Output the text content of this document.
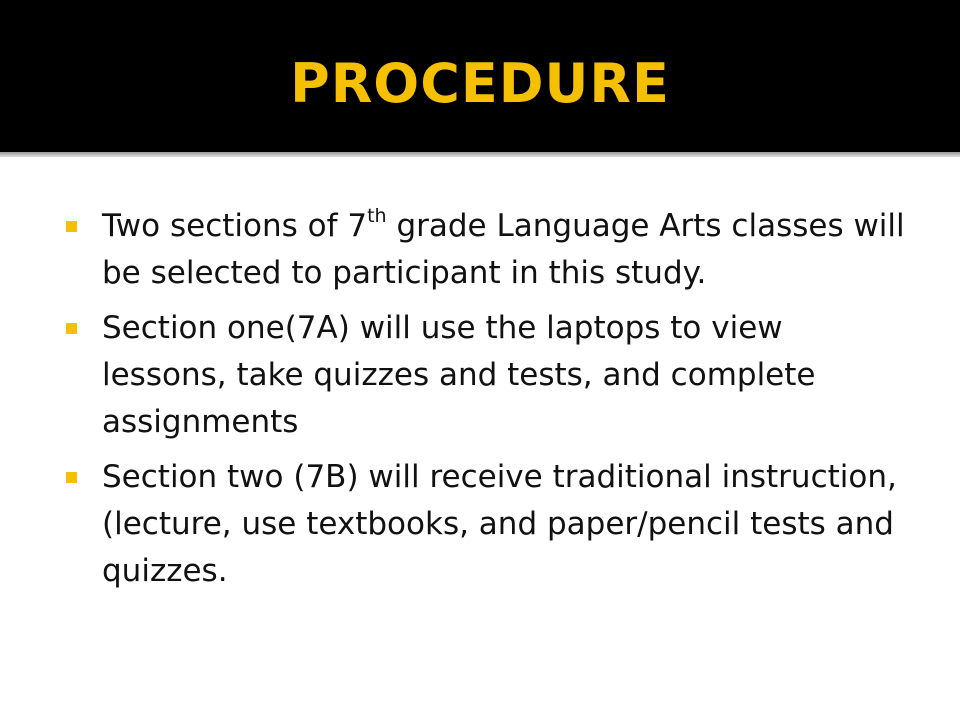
PROCEDURE
Two sections of 7th grade Language Arts classes will be selected to participant in this study.
Section one(7A) will use the laptops to view lessons, take quizzes and tests, and complete assignments
Section two (7B) will receive traditional instruction, (lecture, use textbooks, and paper/pencil tests and quizzes.
